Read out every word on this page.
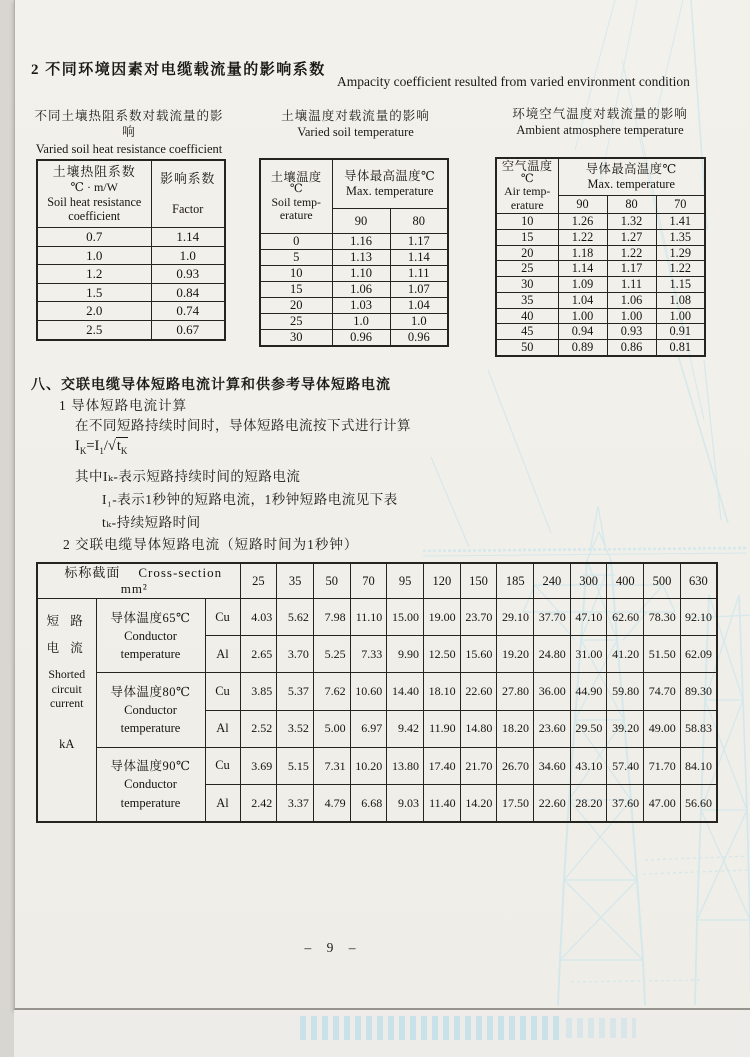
2 不同环境因素对电缆载流量的影响系数
Ampacity coefficient resulted from varied environment condition
不同土壤热阻系数对载流量的影响
Varied soil heat resistance coefficient
土壤热阻系数
℃ · m/W
Soil heat resistance
coefficient

影响系数
Factor

0.7	1.14
1.0	1.0
1.2	0.93
1.5	0.84
2.0	0.74
2.5	0.67
土壤温度对载流量的影响
Varied soil temperature
土壤温度
℃
Soil temp-
erature

导体最高温度℃
Max. temperature

	90	80
0	1.16	1.17
5	1.13	1.14
10	1.10	1.11
15	1.06	1.07
20	1.03	1.04
25	1.0	1.0
30	0.96	0.96
环境空气温度对载流量的影响
Ambient atmosphere temperature
空气温度
℃
Air temp-
erature

导体最高温度℃
Max. temperature

	90	80	70
10	1.26	1.32	1.41
15	1.22	1.27	1.35
20	1.18	1.22	1.29
25	1.14	1.17	1.22
30	1.09	1.11	1.15
35	1.04	1.06	1.08
40	1.00	1.00	1.00
45	0.94	0.93	0.91
50	0.89	0.86	0.81
八、交联电缆导体短路电流计算和供参考导体短路电流
1 导体短路电流计算
在不同短路持续时间时，导体短路电流按下式进行计算
$I_K=I_1/√t_K$
其中Iₖ-表示短路持续时间的短路电流
I₁-表示1秒钟的短路电流，1秒钟短路电流见下表
tₖ-持续短路时间
2 交联电缆导体短路电流（短路时间为1秒钟）
标称截面 Cross-section mm²			25	35	50	70	95	120	150	185	240	300	400	500	630

短 路
电 流
Shorted circuit current
kA

导体温度65℃
Conductor
temperature
	Cu	4.03	5.62	7.98	11.10	15.00	19.00	23.70	29.10	37.70	47.10	62.60	78.30	92.10
		Al	2.65	3.70	5.25	7.33	9.90	12.50	15.60	19.20	24.80	31.00	41.20	51.50	62.09

	导体温度80℃
Conductor
temperature	Cu	3.85	5.37	7.62	10.60	14.40	18.10	22.60	27.80	36.00	44.90	59.80	74.70	89.30
		Al	2.52	3.52	5.00	6.97	9.42	11.90	14.80	18.20	23.60	29.50	39.20	49.00	58.83

	导体温度90℃
Conductor
temperature	Cu	3.69	5.15	7.31	10.20	13.80	17.40	21.70	26.70	34.60	43.10	57.40	71.70	84.10
		Al	2.42	3.37	4.79	6.68	9.03	11.40	14.20	17.50	22.60	28.20	37.60	47.00	56.60
– 9 –
